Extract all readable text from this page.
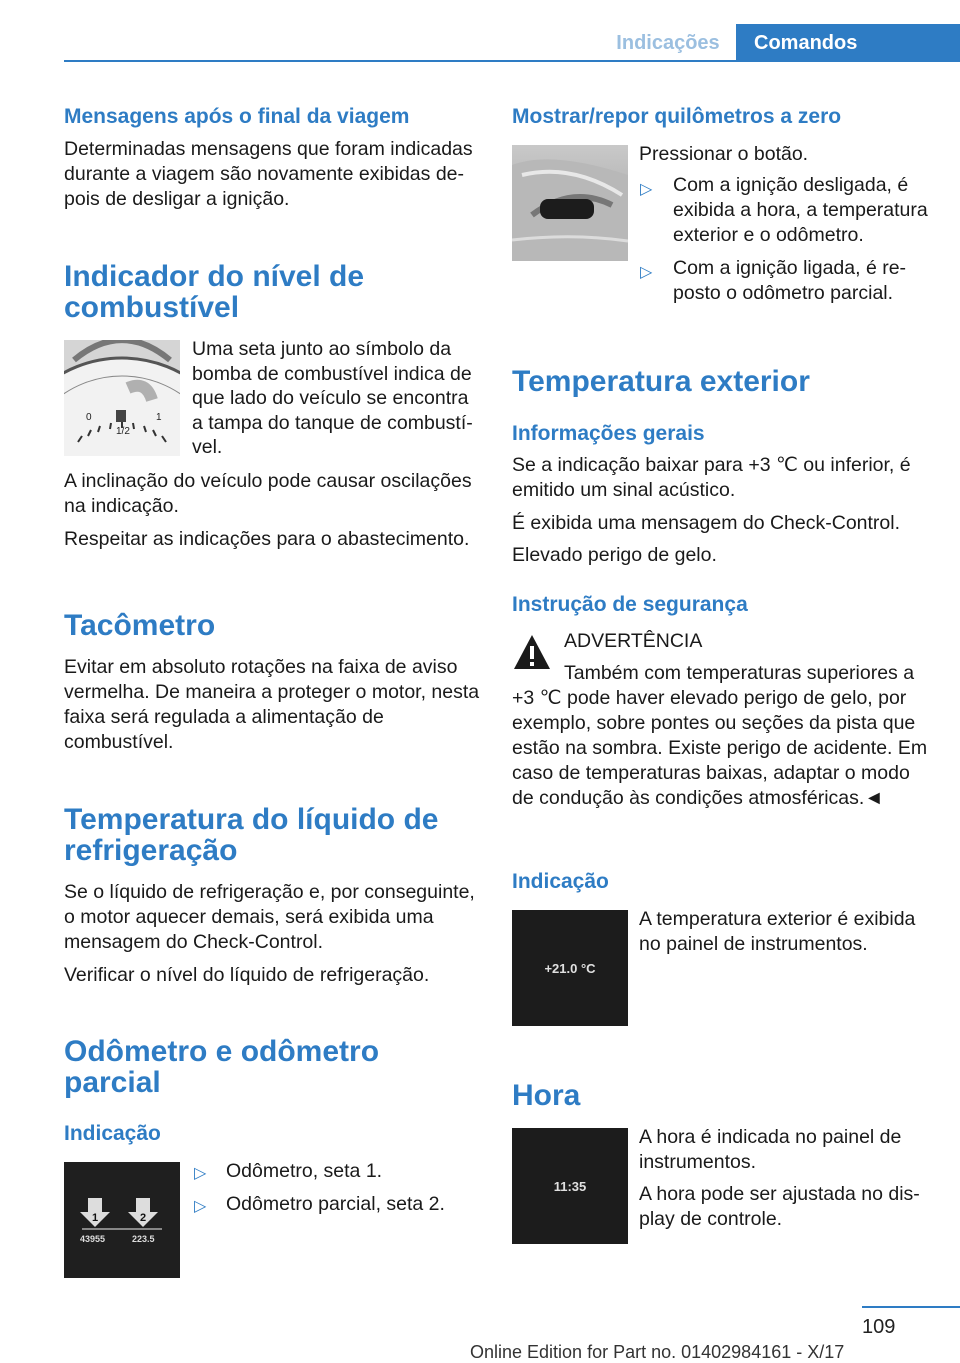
Indicações	Comandos
Mensagens após o final da viagem

Determinadas mensagens que foram indicadas durante a viagem são novamente exibidas depois de desligar a ignição.

Indicador do nível de combustível
0
1/2
1

Uma seta junto ao símbolo da bomba de combustível indica de que lado do veículo se encontra a tampa do tanque de combustível.

A inclinação do veículo pode causar oscilações na indicação.

Respeitar as indicações para o abastecimento.

Tacômetro

Evitar em absoluto rotações na faixa de aviso vermelha. De maneira a proteger o motor, nesta faixa será regulada a alimentação de combustível.

Temperatura do líquido de refrigeração

Se o líquido de refrigeração e, por conseguinte, o motor aquecer demais, será exibida uma mensagem do Check-Control.

Verificar o nível do líquido de refrigeração.

Odômetro e odômetro parcial
Indicação
1	2
43955	223.5
▷ Odômetro, seta 1.
▷ Odômetro parcial, seta 2.
Mostrar/repor quilômetros a zero

Pressionar o botão.

▷ Com a ignição desligada, é exibida a hora, a temperatura exterior e o odômetro.

▷ Com a ignição ligada, é reposto o odômetro parcial.

Temperatura exterior
Informações gerais

Se a indicação baixar para +3 ℃ ou inferior, é emitido um sinal acústico.

É exibida uma mensagem do Check-Control.

Elevado perigo de gelo.

Instrução de segurança

ADVERTÊNCIA

Também com temperaturas superiores a

+3 ℃ pode haver elevado perigo de gelo, por exemplo, sobre pontes ou seções da pista que estão na sombra. Existe perigo de acidente. Em caso de temperaturas baixas, adaptar o modo de condução às condições atmosféricas.◄

Indicação
+21.0 °C

A temperatura exterior é exibida no painel de instrumentos.

Hora
11:35

A hora é indicada no painel de instrumentos.

A hora pode ser ajustada no display de controle.

109
Online Edition for Part no. 01402984161 - X/17
